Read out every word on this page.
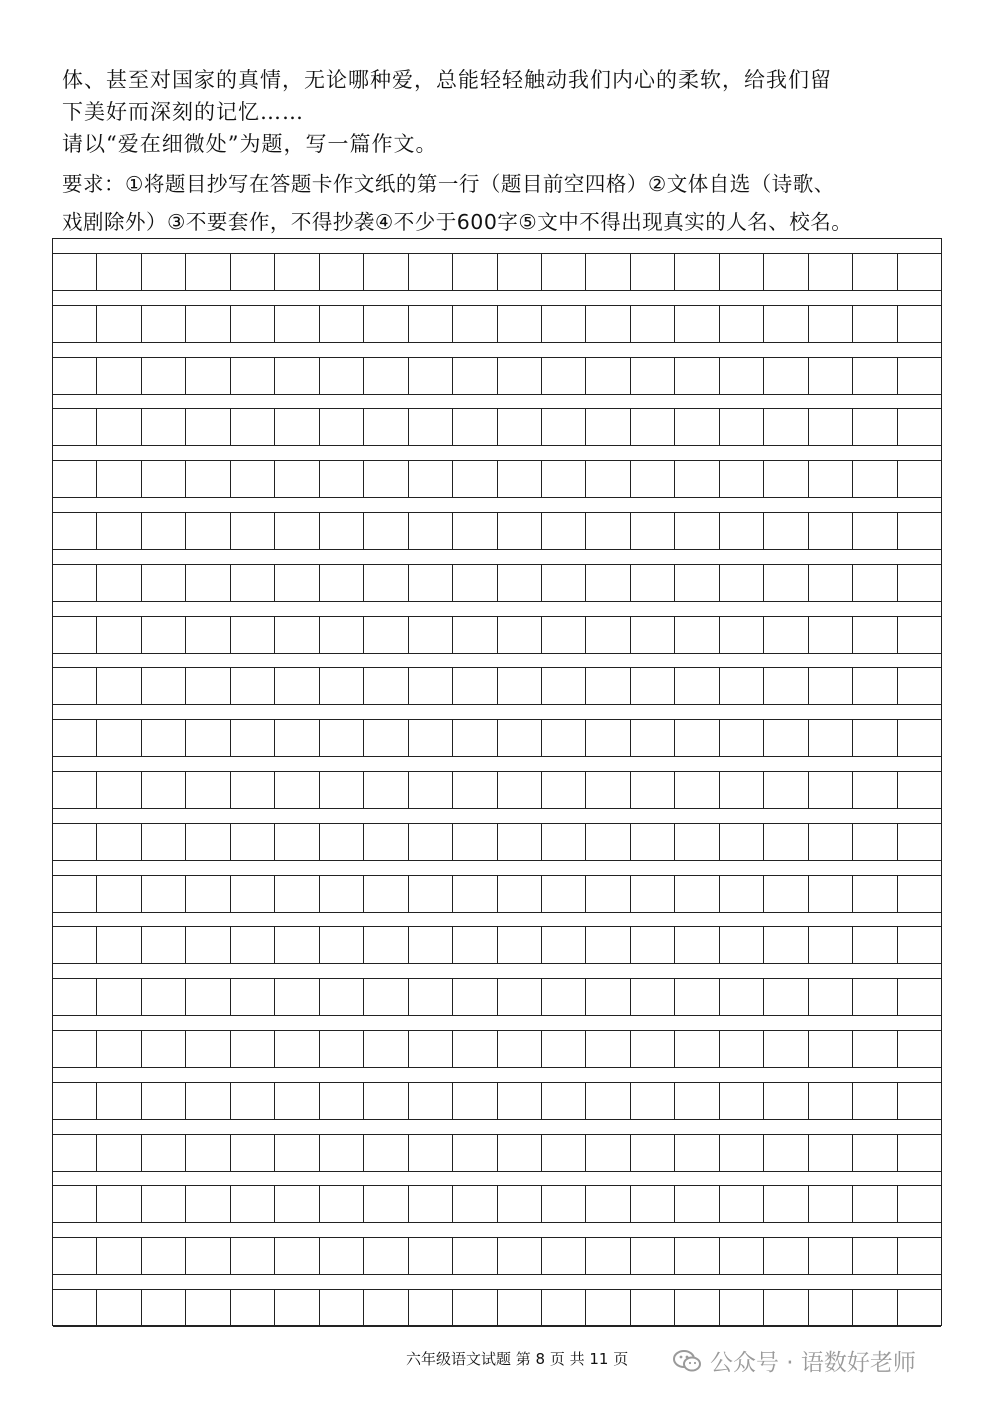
体、甚至对国家的真情，无论哪种爱，总能轻轻触动我们内心的柔软，给我们留
下美好而深刻的记忆……
请以“爱在细微处”为题，写一篇作文。
要求：①将题目抄写在答题卡作文纸的第一行（题目前空四格）②文体自选（诗歌、
戏剧除外）③不要套作，不得抄袭④不少于600字⑤文中不得出现真实的人名、校名。
六年级语文试题 第 8 页 共 11 页	公众号 · 语数好老师
